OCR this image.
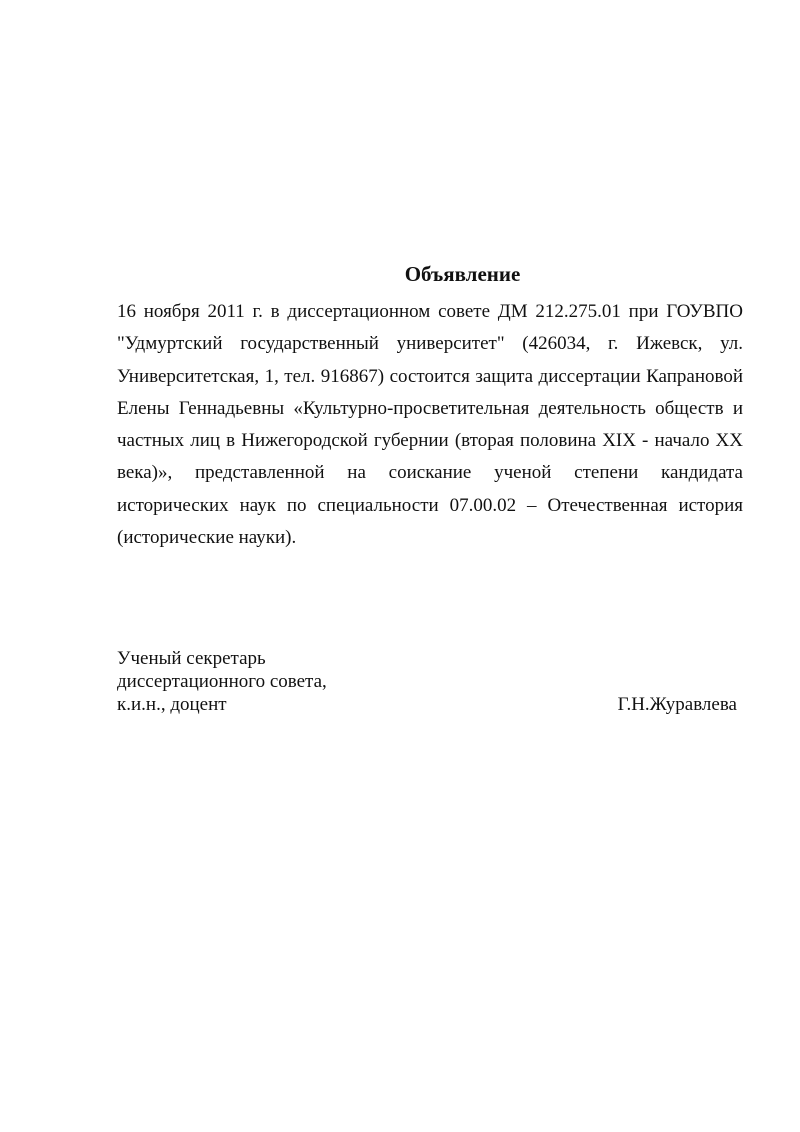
Объявление
16 ноября 2011 г. в диссертационном совете ДМ 212.275.01 при ГОУВПО
"Удмуртский государственный университет" (426034, г. Ижевск, ул.
Университетская, 1, тел. 916867) состоится защита диссертации Капрановой
Елены Геннадьевны «Культурно-просветительная деятельность обществ и
частных лиц в Нижегородской губернии (вторая половина XIX - начало XX
века)», представленной на соискание ученой степени кандидата
исторических наук по специальности 07.00.02 – Отечественная история
(исторические науки).
Ученый секретарь
диссертационного совета,
к.и.н., доцент	Г.Н.Журавлева
